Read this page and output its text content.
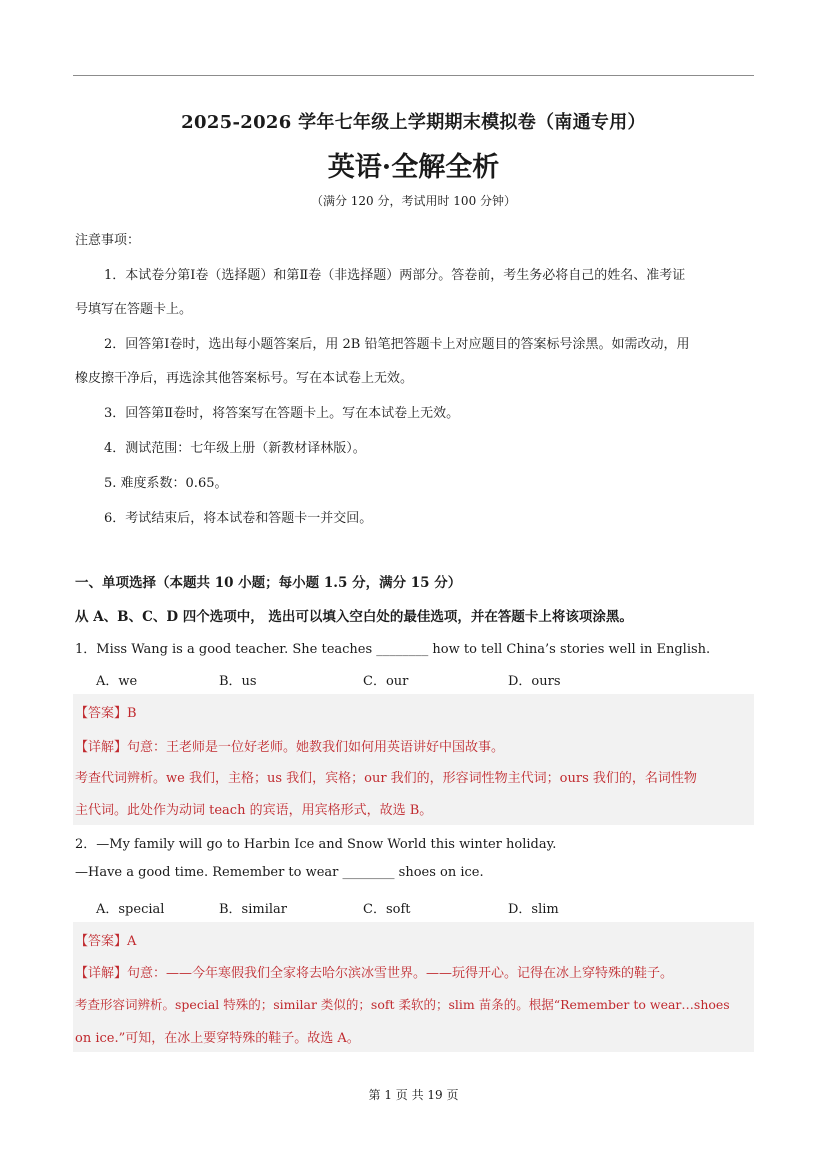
2025-2026 学年七年级上学期期末模拟卷（南通专用）
英语·全解全析
（满分 120 分，考试用时 100 分钟）
注意事项：
1．本试卷分第Ⅰ卷（选择题）和第Ⅱ卷（非选择题）两部分。答卷前，考生务必将自己的姓名、准考证
号填写在答题卡上。
2．回答第Ⅰ卷时，选出每小题答案后，用 2B 铅笔把答题卡上对应题目的答案标号涂黑。如需改动，用
橡皮擦干净后，再选涂其他答案标号。写在本试卷上无效。
3．回答第Ⅱ卷时，将答案写在答题卡上。写在本试卷上无效。
4．测试范围：七年级上册（新教材译林版）。
5. 难度系数：0.65。
6．考试结束后，将本试卷和答题卡一并交回。
一、单项选择（本题共 10 小题；每小题 1.5 分，满分 15 分）
从 A、B、C、D 四个选项中， 选出可以填入空白处的最佳选项，并在答题卡上将该项涂黑。
1．Miss Wang is a good teacher. She teaches ________ how to tell China’s stories well in English.
A．we	B．us	C．our	D．ours
【答案】B
【详解】句意：王老师是一位好老师。她教我们如何用英语讲好中国故事。
考查代词辨析。we 我们，主格；us 我们，宾格；our 我们的，形容词性物主代词；ours 我们的，名词性物
主代词。此处作为动词 teach 的宾语，用宾格形式，故选 B。
2．—My family will go to Harbin Ice and Snow World this winter holiday.
—Have a good time. Remember to wear ________ shoes on ice.
A．special	B．similar	C．soft	D．slim
【答案】A
【详解】句意：——今年寒假我们全家将去哈尔滨冰雪世界。——玩得开心。记得在冰上穿特殊的鞋子。
考查形容词辨析。special 特殊的；similar 类似的；soft 柔软的；slim 苗条的。根据“Remember to wear…shoes
on ice.”可知，在冰上要穿特殊的鞋子。故选 A。
第 1 页 共 19 页
